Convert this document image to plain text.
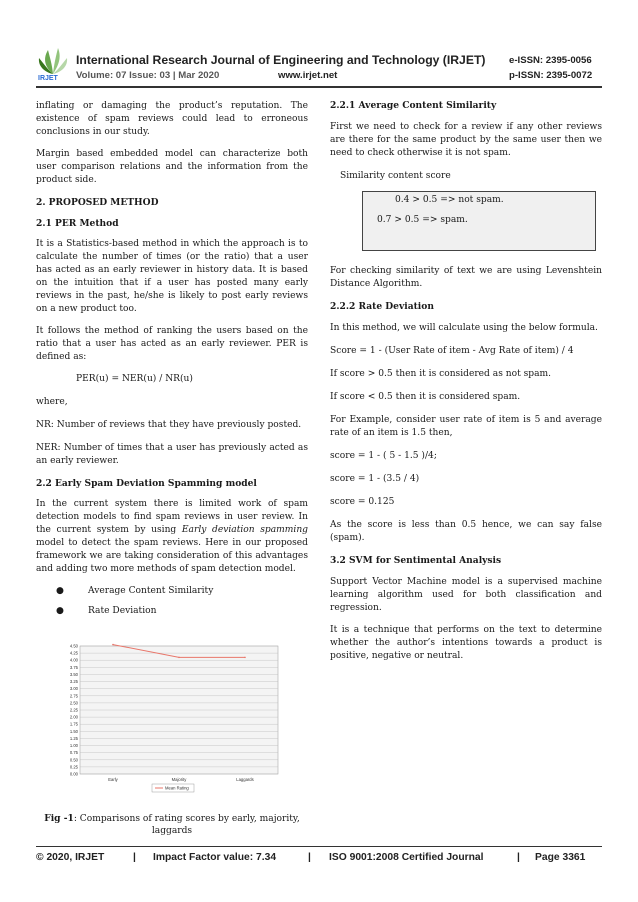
IRJET
International Research Journal of Engineering and Technology (IRJET) e-ISSN: 2395-0056
Volume: 07 Issue: 03 | Mar 2020	www.irjet.net	p-ISSN: 2395-0072

inflating or damaging the product’s reputation. The existence of spam reviews could lead to erroneous conclusions in our study.

Margin based embedded model can characterize both user comparison relations and the information from the product side.

2. PROPOSED METHOD

2.1 PER Method

It is a Statistics-based method in which the approach is to calculate the number of times (or the ratio) that a user has acted as an early reviewer in history data. It is based on the intuition that if a user has posted many early reviews in the past, he/she is likely to post early reviews on a new product too.

It follows the method of ranking the users based on the ratio that a user has acted as an early reviewer. PER is defined as:

PER(u) = NER(u) / NR(u)

where,

NR: Number of reviews that they have previously posted.

NER: Number of times that a user has previously acted as an early reviewer.

2.2 Early Spam Deviation Spamming model

In the current system there is limited work of spam detection models to find spam reviews in user review. In the current system by using Early deviation spamming model to detect the spam reviews. Here in our proposed framework we are taking consideration of this advantages and adding two more methods of spam detection model.

●	Average Content Similarity
●	Rate Deviation
0.00
0.25
0.50
0.75
1.00
1.25
1.50
1.75
2.00
2.25
2.50
2.75
3.00
3.25
3.50
3.75
4.00
4.25
4.50
Early	Majority	Laggards
Mean Rating
Fig -1: Comparisons of rating scores by early, majority, laggards

2.2.1 Average Content Similarity

First we need to check for a review if any other reviews are there for the same product by the same user then we need to check otherwise it is not spam.

Similarity content score

0.4 > 0.5 => not spam.
0.7 > 0.5 => spam.

For checking similarity of text we are using Levenshtein Distance Algorithm.

2.2.2 Rate Deviation

In this method, we will calculate using the below formula.

Score = 1 - (User Rate of item - Avg Rate of item) / 4

If score > 0.5 then it is considered as not spam.

If score < 0.5 then it is considered spam.

For Example, consider user rate of item is 5 and average rate of an item is 1.5 then,

score = 1 - ( 5 - 1.5 )/4;

score = 1 - (3.5 / 4)

score = 0.125

As the score is less than 0.5 hence, we can say false (spam).

3.2 SVM for Sentimental Analysis

Support Vector Machine model is a supervised machine learning algorithm used for both classification and regression.

It is a technique that performs on the text to determine whether the author’s intentions towards a product is positive, negative or neutral.

© 2020, IRJET	| Impact Factor value: 7.34	| ISO 9001:2008 Certified Journal	| Page 3361
